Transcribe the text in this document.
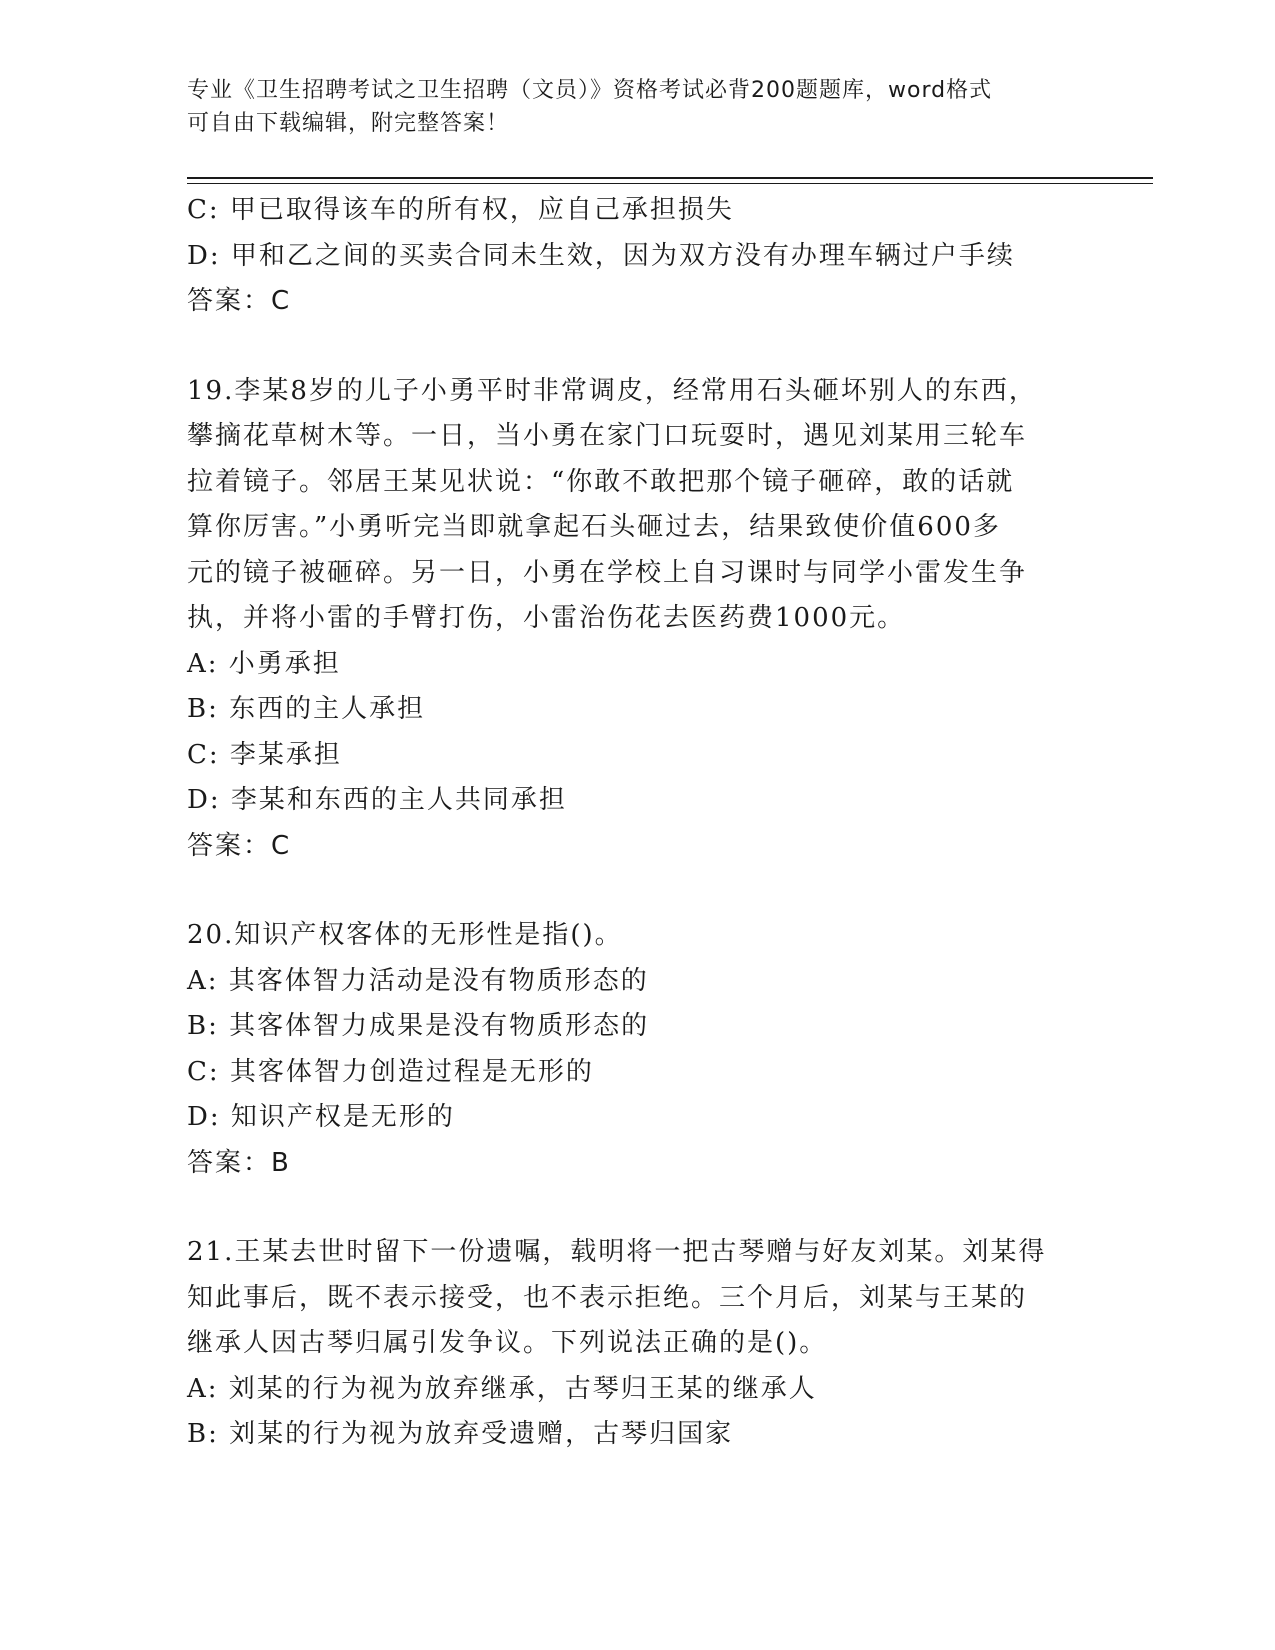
专业《卫生招聘考试之卫生招聘（文员）》资格考试必背200题题库，word格式
可自由下载编辑，附完整答案！
C: 甲已取得该车的所有权，应自己承担损失
D: 甲和乙之间的买卖合同未生效，因为双方没有办理车辆过户手续
答案：C
19.李某8岁的儿子小勇平时非常调皮，经常用石头砸坏别人的东西，
攀摘花草树木等。一日，当小勇在家门口玩耍时，遇见刘某用三轮车
拉着镜子。邻居王某见状说：“你敢不敢把那个镜子砸碎，敢的话就
算你厉害。”小勇听完当即就拿起石头砸过去，结果致使价值600多
元的镜子被砸碎。另一日，小勇在学校上自习课时与同学小雷发生争
执，并将小雷的手臂打伤，小雷治伤花去医药费1000元。
A: 小勇承担
B: 东西的主人承担
C: 李某承担
D: 李某和东西的主人共同承担
答案：C
20.知识产权客体的无形性是指()。
A: 其客体智力活动是没有物质形态的
B: 其客体智力成果是没有物质形态的
C: 其客体智力创造过程是无形的
D: 知识产权是无形的
答案：B
21.王某去世时留下一份遗嘱，载明将一把古琴赠与好友刘某。刘某得
知此事后，既不表示接受，也不表示拒绝。三个月后，刘某与王某的
继承人因古琴归属引发争议。下列说法正确的是()。
A: 刘某的行为视为放弃继承，古琴归王某的继承人
B: 刘某的行为视为放弃受遗赠，古琴归国家
